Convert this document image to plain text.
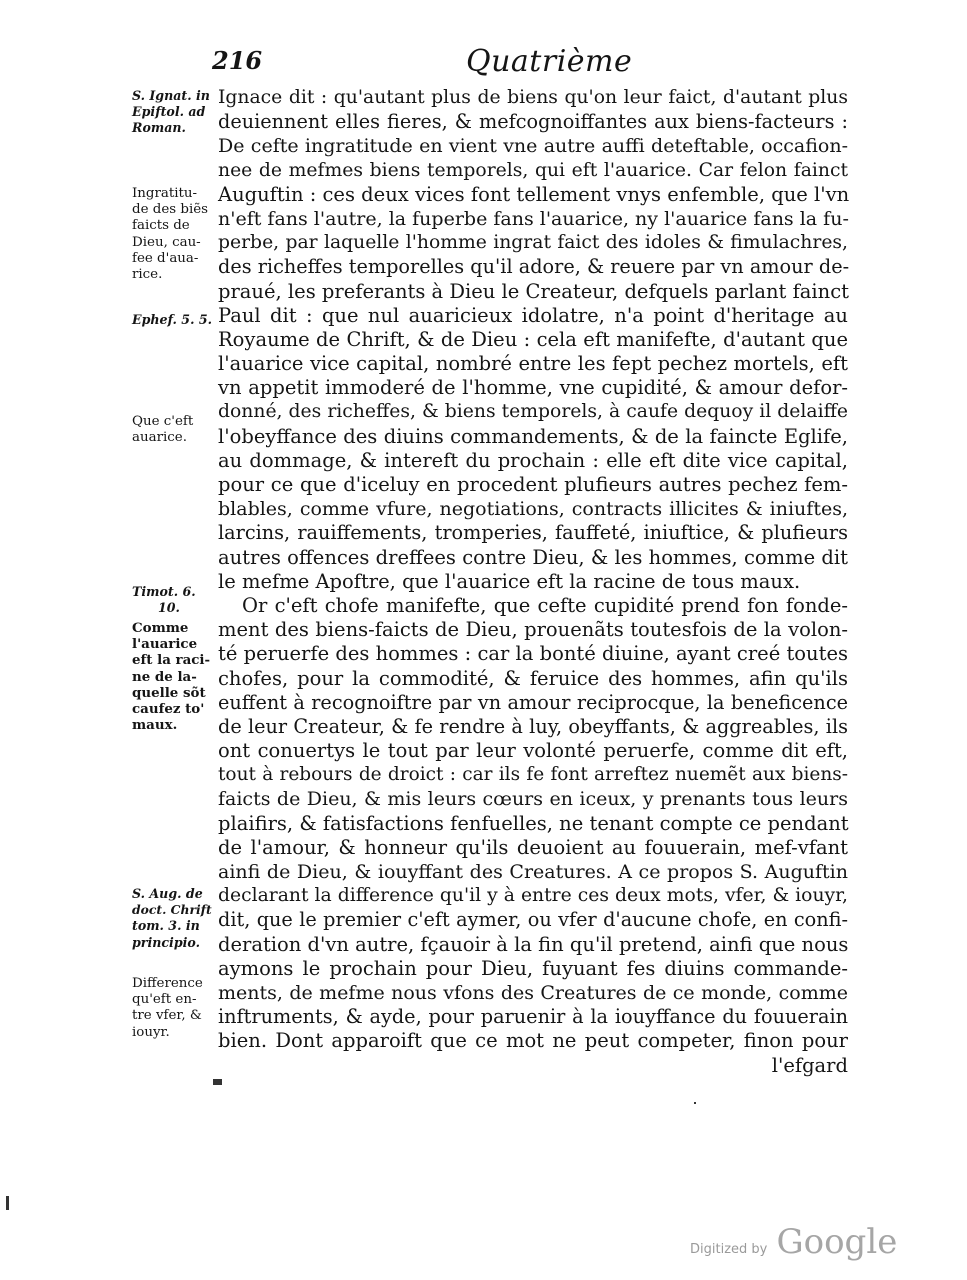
216	Quatrième
Ignace dit : qu'autant plus de biens qu'on leur faict, d'autant plus
deuiennent elles fieres, & mefcognoiffantes aux biens-facteurs :
De cefte ingratitude en vient vne autre auffi deteftable, occafion-
nee de mefmes biens temporels, qui eft l'auarice. Car felon fainct
Auguftin : ces deux vices font tellement vnys enfemble, que l'vn
n'eft fans l'autre, la fuperbe fans l'auarice, ny l'auarice fans la fu-
perbe, par laquelle l'homme ingrat faict des idoles & fimulachres,
des richeffes temporelles qu'il adore, & reuere par vn amour de-
praué, les preferants à Dieu le Createur, defquels parlant fainct
Paul dit : que nul auaricieux idolatre, n'a point d'heritage au
Royaume de Chrift, & de Dieu : cela eft manifefte, d'autant que
l'auarice vice capital, nombré entre les fept pechez mortels, eft
vn appetit immoderé de l'homme, vne cupidité, & amour defor-
donné, des richeffes, & biens temporels, à caufe dequoy il delaiffe
l'obeyffance des diuins commandements, & de la faincte Eglife,
au dommage, & intereft du prochain : elle eft dite vice capital,
pour ce que d'iceluy en procedent plufieurs autres pechez fem-
blables, comme vfure, negotiations, contracts illicites & iniuftes,
larcins, rauiffements, tromperies, fauffeté, iniuftice, & plufieurs
autres offences dreffees contre Dieu, & les hommes, comme dit
le mefme Apoftre, que l'auarice eft la racine de tous maux.
Or c'eft chofe manifefte, que cefte cupidité prend fon fonde-
ment des biens-faicts de Dieu, prouenãts toutesfois de la volon-
té peruerfe des hommes : car la bonté diuine, ayant creé toutes
chofes, pour la commodité, & feruice des hommes, afin qu'ils
euffent à recognoiftre par vn amour reciprocque, la beneficence
de leur Createur, & fe rendre à luy, obeyffants, & aggreables, ils
ont conuertys le tout par leur volonté peruerfe, comme dit eft,
tout à rebours de droict : car ils fe font arreftez nuemẽt aux biens-
faicts de Dieu, & mis leurs cœurs en iceux, y prenants tous leurs
plaifirs, & fatisfactions fenfuelles, ne tenant compte ce pendant
de l'amour, & honneur qu'ils deuoient au fouuerain, mef-vfant
ainfi de Dieu, & iouyffant des Creatures. A ce propos S. Auguftin
declarant la difference qu'il y à entre ces deux mots, vfer, & iouyr,
dit, que le premier c'eft aymer, ou vfer d'aucune chofe, en confi-
deration d'vn autre, fçauoir à la fin qu'il pretend, ainfi que nous
aymons le prochain pour Dieu, fuyuant fes diuins commande-
ments, de mefme nous vfons des Creatures de ce monde, comme
inftruments, & ayde, pour paruenir à la iouyffance du fouuerain
bien. Dont apparoift que ce mot ne peut competer, finon pour
l'efgard
S. Ignat. in
Epiftol. ad
Roman.
Ingratitu-
de des biẽs
faicts de
Dieu, cau-
fee d'aua-
rice.
Ephef. 5. 5.
Que c'eft
auarice.
Timot. 6.
10.
Comme
l'auarice
eft la raci-
ne de la-
quelle sõt
caufez to'
maux.
S. Aug. de
doct. Chrift
tom. 3. in
principio.
Difference
qu'eft en-
tre vfer, &
iouyr.
Digitized by Google
